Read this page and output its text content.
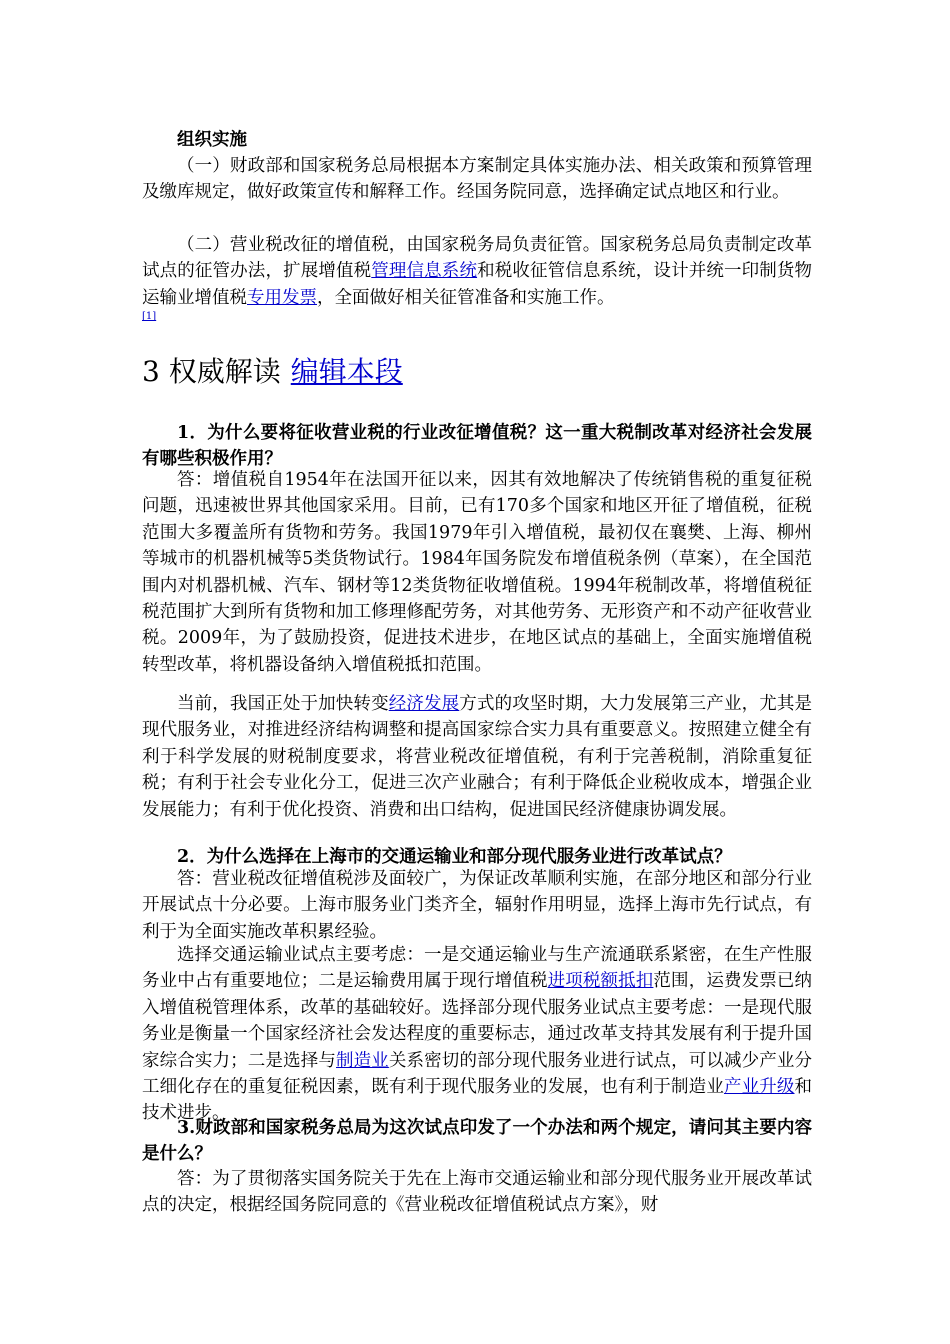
组织实施

（一）财政部和国家税务总局根据本方案制定具体实施办法、相关政策和预算管理及缴库规定，做好政策宣传和解释工作。经国务院同意，选择确定试点地区和行业。

（二）营业税改征的增值税，由国家税务局负责征管。国家税务总局负责制定改革试点的征管办法，扩展增值税管理信息系统和税收征管信息系统，设计并统一印制货物运输业增值税专用发票，全面做好相关征管准备和实施工作。
[1]

3 权威解读 编辑本段

1．为什么要将征收营业税的行业改征增值税？这一重大税制改革对经济社会发展有哪些积极作用？

答：增值税自1954年在法国开征以来，因其有效地解决了传统销售税的重复征税问题，迅速被世界其他国家采用。目前，已有170多个国家和地区开征了增值税，征税范围大多覆盖所有货物和劳务。我国1979年引入增值税，最初仅在襄樊、上海、柳州等城市的机器机械等5类货物试行。1984年国务院发布增值税条例（草案），在全国范围内对机器机械、汽车、钢材等12类货物征收增值税。1994年税制改革，将增值税征税范围扩大到所有货物和加工修理修配劳务，对其他劳务、无形资产和不动产征收营业税。2009年，为了鼓励投资，促进技术进步，在地区试点的基础上，全面实施增值税转型改革，将机器设备纳入增值税抵扣范围。

当前，我国正处于加快转变经济发展方式的攻坚时期，大力发展第三产业，尤其是现代服务业，对推进经济结构调整和提高国家综合实力具有重要意义。按照建立健全有利于科学发展的财税制度要求，将营业税改征增值税，有利于完善税制，消除重复征税；有利于社会专业化分工，促进三次产业融合；有利于降低企业税收成本，增强企业发展能力；有利于优化投资、消费和出口结构，促进国民经济健康协调发展。

2．为什么选择在上海市的交通运输业和部分现代服务业进行改革试点？

答：营业税改征增值税涉及面较广，为保证改革顺利实施，在部分地区和部分行业开展试点十分必要。上海市服务业门类齐全，辐射作用明显，选择上海市先行试点，有利于为全面实施改革积累经验。

选择交通运输业试点主要考虑：一是交通运输业与生产流通联系紧密，在生产性服务业中占有重要地位；二是运输费用属于现行增值税进项税额抵扣范围，运费发票已纳入增值税管理体系，改革的基础较好。选择部分现代服务业试点主要考虑：一是现代服务业是衡量一个国家经济社会发达程度的重要标志，通过改革支持其发展有利于提升国家综合实力；二是选择与制造业关系密切的部分现代服务业进行试点，可以减少产业分工细化存在的重复征税因素，既有利于现代服务业的发展，也有利于制造业产业升级和技术进步。

3.财政部和国家税务总局为这次试点印发了一个办法和两个规定，请问其主要内容是什么？

答：为了贯彻落实国务院关于先在上海市交通运输业和部分现代服务业开展改革试点的决定，根据经国务院同意的《营业税改征增值税试点方案》，财
